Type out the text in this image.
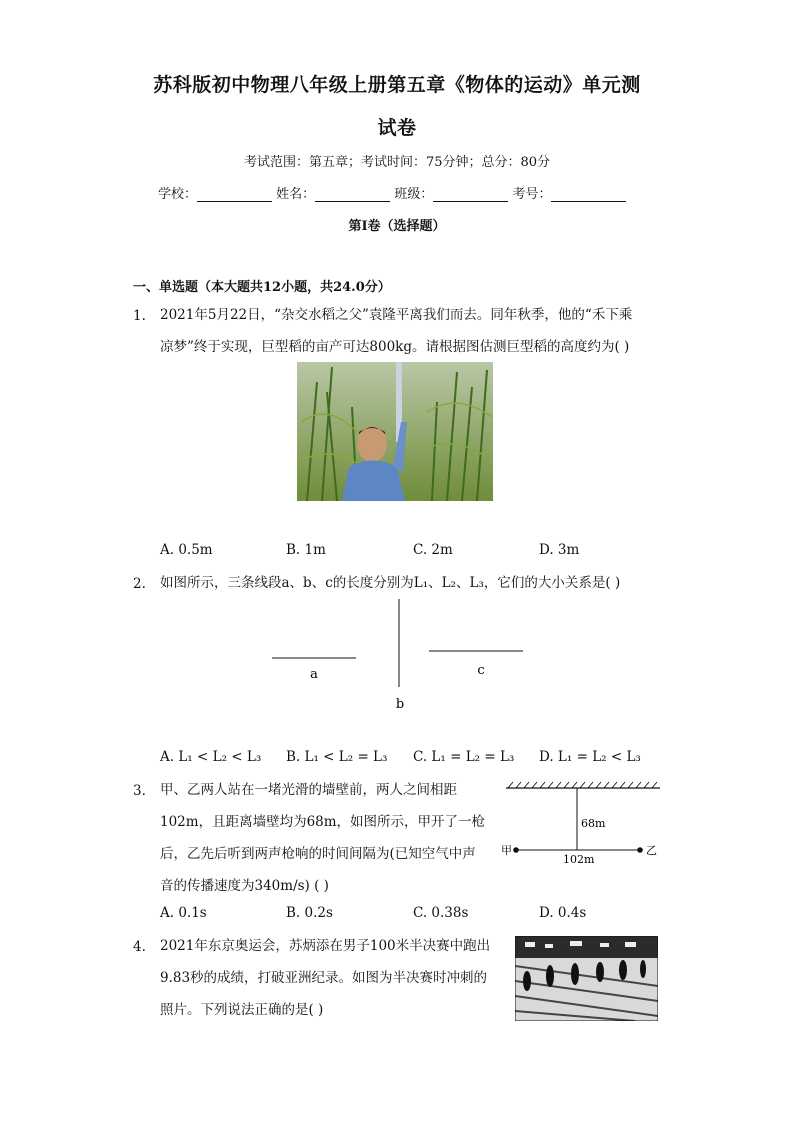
苏科版初中物理八年级上册第五章《物体的运动》单元测
试卷
考试范围：第五章；考试时间：75分钟；总分：80分
学校：	姓名：	班级：	考号：
第I卷（选择题）
一、单选题（本大题共12小题，共24.0分）
1. 2021年5月22日，“杂交水稻之父”袁隆平离我们而去。同年秋季，他的“禾下乘
凉梦”终于实现，巨型稻的亩产可达800kg。请根据图估测巨型稻的高度约为( )
A. 0.5m	B. 1m	C. 2m	D. 3m
2. 如图所示，三条线段a、b、c的长度分别为L₁、L₂、L₃，它们的大小关系是( )
a
b
c
A. L₁ < L₂ < L₃ B. L₁ < L₂ = L₃ C. L₁ = L₂ = L₃ D. L₁ = L₂ < L₃
3. 甲、乙两人站在一堵光滑的墙壁前，两人之间相距
102m，且距离墙壁均为68m，如图所示，甲开了一枪
后，乙先后听到两声枪响的时间间隔为(已知空气中声
音的传播速度为340m/s) ( )
68m
102m
甲	乙
A. 0.1s	B. 0.2s	C. 0.38s	D. 0.4s
4. 2021年东京奥运会，苏炳添在男子100米半决赛中跑出
9.83秒的成绩，打破亚洲纪录。如图为半决赛时冲刺的
照片。下列说法正确的是( )
